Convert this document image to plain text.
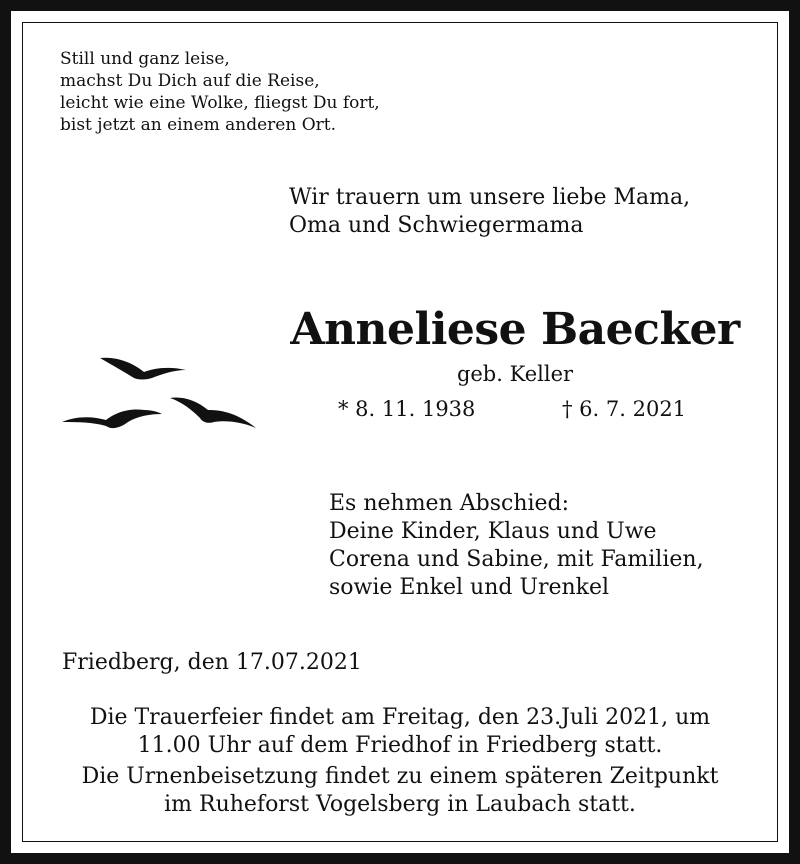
Still und ganz leise,
machst Du Dich auf die Reise,
leicht wie eine Wolke, fliegst Du fort,
bist jetzt an einem anderen Ort.
Wir trauern um unsere liebe Mama,
Oma und Schwiegermama
Anneliese Baecker
geb. Keller
* 8. 11. 1938	† 6. 7. 2021
Es nehmen Abschied:
Deine Kinder, Klaus und Uwe
Corena und Sabine, mit Familien,
sowie Enkel und Urenkel
Friedberg, den 17.07.2021

Die Trauerfeier findet am Freitag, den 23.Juli 2021, um
11.00 Uhr auf dem Friedhof in Friedberg statt.

Die Urnenbeisetzung findet zu einem späteren Zeitpunkt
im Ruheforst Vogelsberg in Laubach statt.
